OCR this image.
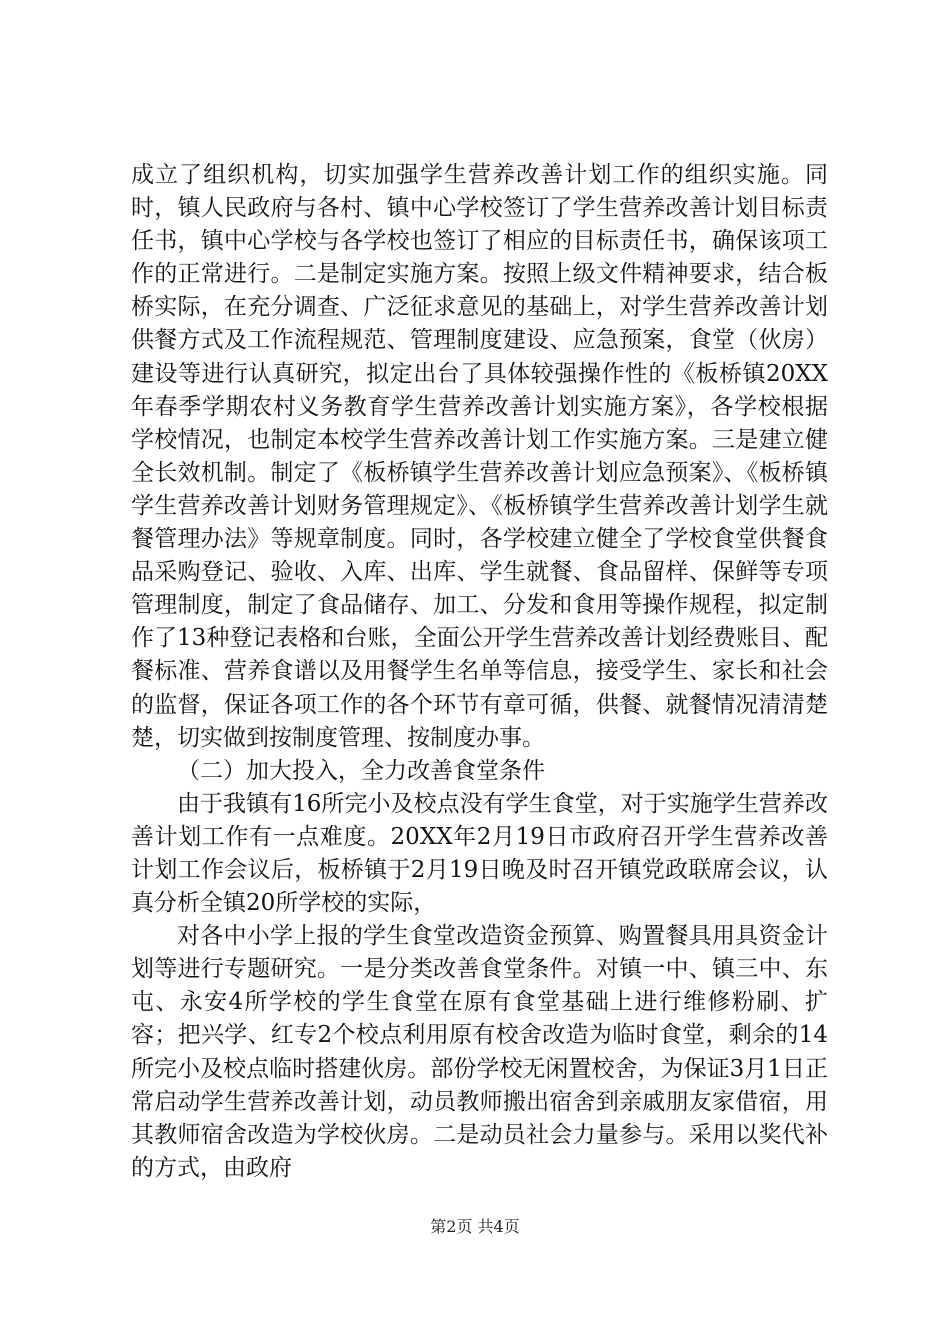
成立了组织机构，切实加强学生营养改善计划工作的组织实施。同时，镇人民政府与各村、镇中心学校签订了学生营养改善计划目标责任书，镇中心学校与各学校也签订了相应的目标责任书，确保该项工作的正常进行。二是制定实施方案。按照上级文件精神要求，结合板桥实际，在充分调查、广泛征求意见的基础上，对学生营养改善计划供餐方式及工作流程规范、管理制度建设、应急预案，食堂（伙房）建设等进行认真研究，拟定出台了具体较强操作性的《板桥镇20XX年春季学期农村义务教育学生营养改善计划实施方案》，各学校根据学校情况，也制定本校学生营养改善计划工作实施方案。三是建立健全长效机制。制定了《板桥镇学生营养改善计划应急预案》、《板桥镇学生营养改善计划财务管理规定》、《板桥镇学生营养改善计划学生就餐管理办法》等规章制度。同时，各学校建立健全了学校食堂供餐食品采购登记、验收、入库、出库、学生就餐、食品留样、保鲜等专项管理制度，制定了食品储存、加工、分发和食用等操作规程，拟定制作了13种登记表格和台账，全面公开学生营养改善计划经费账目、配餐标准、营养食谱以及用餐学生名单等信息，接受学生、家长和社会的监督，保证各项工作的各个环节有章可循，供餐、就餐情况清清楚楚，切实做到按制度管理、按制度办事。

（二）加大投入，全力改善食堂条件

由于我镇有16所完小及校点没有学生食堂，对于实施学生营养改善计划工作有一点难度。20XX年2月19日市政府召开学生营养改善计划工作会议后，板桥镇于2月19日晚及时召开镇党政联席会议，认真分析全镇20所学校的实际，

对各中小学上报的学生食堂改造资金预算、购置餐具用具资金计划等进行专题研究。一是分类改善食堂条件。对镇一中、镇三中、东屯、永安4所学校的学生食堂在原有食堂基础上进行维修粉刷、扩容；把兴学、红专2个校点利用原有校舍改造为临时食堂，剩余的14所完小及校点临时搭建伙房。部份学校无闲置校舍，为保证3月1日正常启动学生营养改善计划，动员教师搬出宿舍到亲戚朋友家借宿，用其教师宿舍改造为学校伙房。二是动员社会力量参与。采用以奖代补的方式，由政府

第2页 共4页
